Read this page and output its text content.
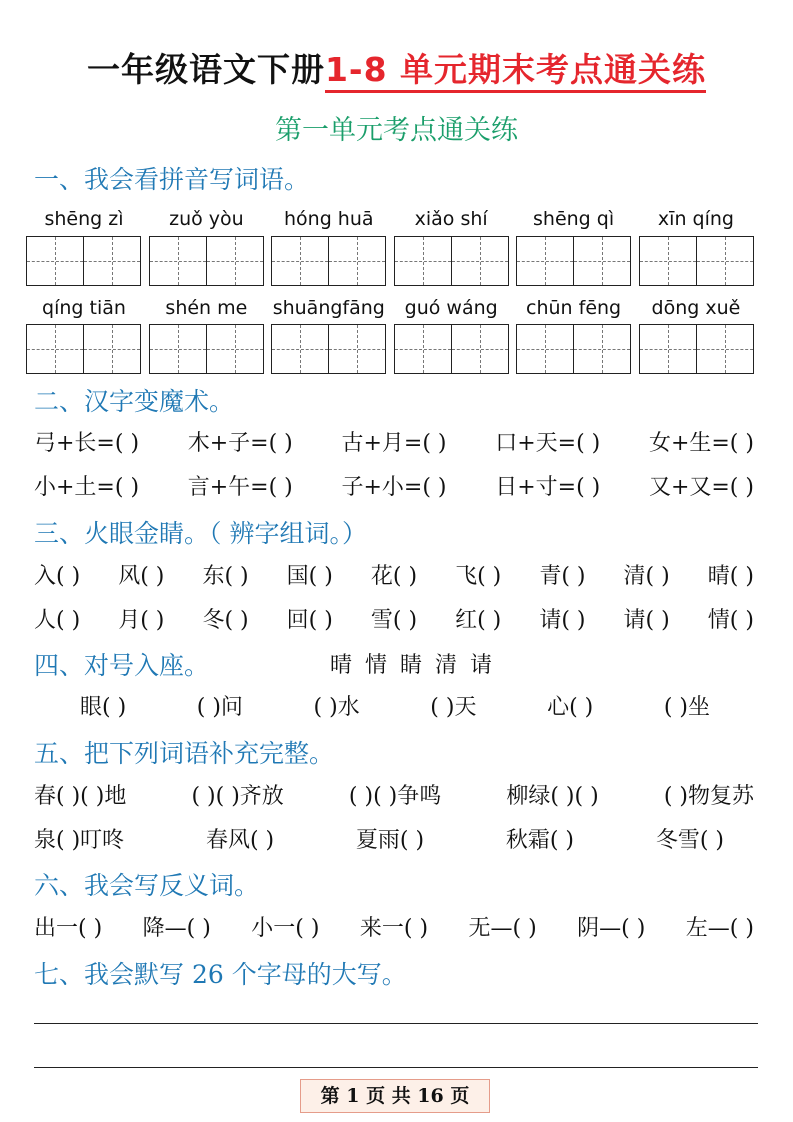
一年级语文下册1-8 单元期末考点通关练
第一单元考点通关练
一、我会看拼音写词语。
shēng zì	zuǒ yòu	hóng huā	xiǎo shí	shēng qì	xīn qíng
qíng tiān	shén me	shuāngfāng	guó wáng	chūn fēng	dōng xuě
二、汉字变魔术。
弓+长=( ) 木+子=( ) 古+月=( ) 口+天=( ) 女+生=( )
小+土=( ) 言+午=( ) 子+小=( ) 日+寸=( ) 又+又=( )
三、火眼金睛。（ 辨字组词。）
入( ) 风( ) 东( ) 国( ) 花( ) 飞( ) 青( ) 清( ) 晴( )
人( ) 月( ) 冬( ) 回( ) 雪( ) 红( ) 请( ) 请( ) 情( )
四、对号入座。	晴 情 睛 清 请
眼( )	( )问	( )水	( )天	心( )	( )坐
五、把下列词语补充完整。
春( )( )地	( )( )齐放	( )( )争鸣	柳绿( )( )	( )物复苏
泉( )叮咚	春风( )	夏雨( )	秋霜( )	冬雪( )
六、我会写反义词。
出一( ) 降—( ) 小一( ) 来一( ) 无—( ) 阴—( ) 左—( )
七、我会默写 26 个字母的大写。
第 1 页 共 16 页
